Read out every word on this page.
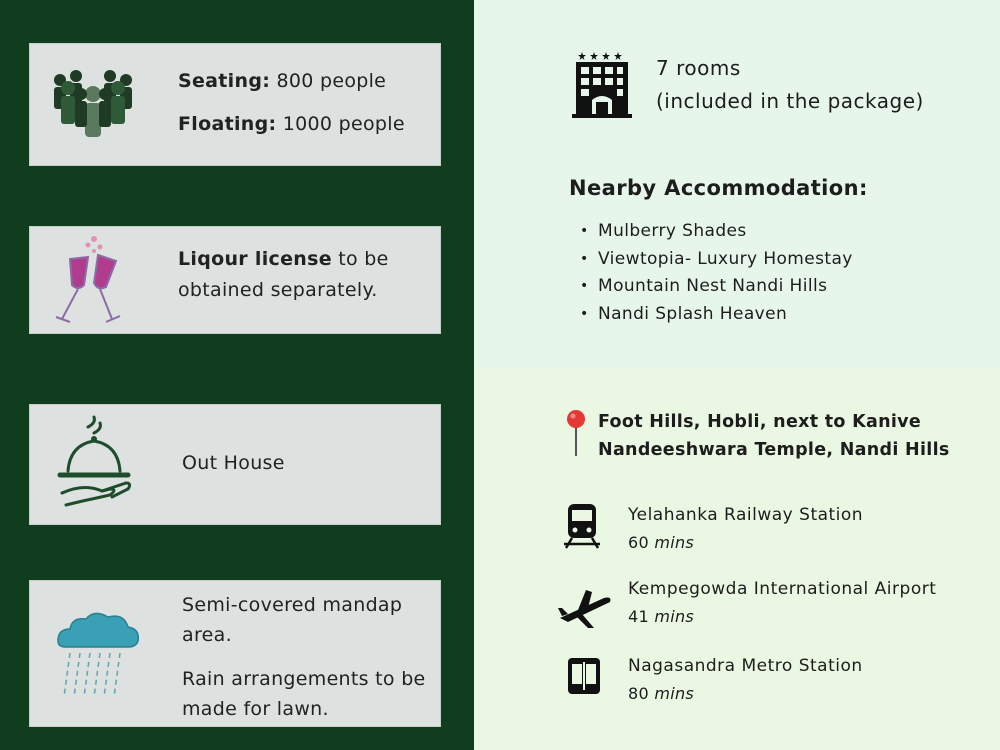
Seating: 800 people
Floating: 1000 people
Liqour license to be
obtained separately.
Out House
Semi-covered mandap
area.
Rain arrangements to be
made for lawn.
7 rooms
(included in the package)
Nearby Accommodation:
• Mulberry Shades
• Viewtopia- Luxury Homestay
• Mountain Nest Nandi Hills
• Nandi Splash Heaven
Foot Hills, Hobli, next to Kanive
Nandeeshwara Temple, Nandi Hills
Yelahanka Railway Station
60 mins
Kempegowda International Airport
41 mins
Nagasandra Metro Station
80 mins
